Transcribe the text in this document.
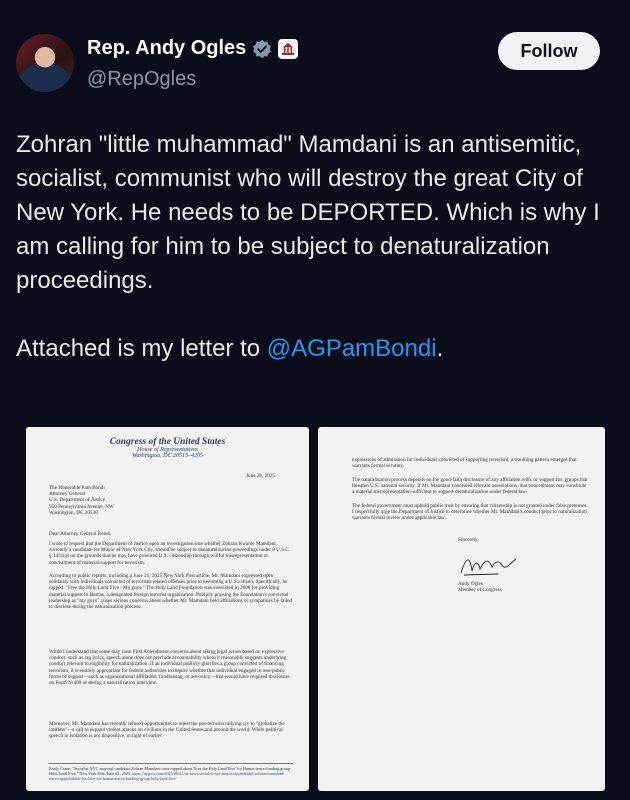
Rep. Andy Ogles
@RepOgles
Follow
Zohran "little muhammad" Mamdani is an antisemitic, socialist, communist who will destroy the great City of New York. He needs to be DEPORTED. Which is why I am calling for him to be subject to denaturalization proceedings.
Attached is my letter to @AGPamBondi.
Congress of the United States
House of Representatives
Washington, DC 20515–4205
June 26, 2025
The Honorable Pam Bondi
Attorney General
U.S. Department of Justice
950 Pennsylvania Avenue, NW
Washington, DC 20530
Dear Attorney General Bondi,
I write to request that the Department of Justice open an investigation into whether Zohran Kwame Mamdani, currently a candidate for Mayor of New York City, should be subject to denaturalization proceedings under 8 U.S.C. § 1451(a) on the grounds that he may have procured U.S. citizenship through willful misrepresentation or concealment of material support for terrorism.
According to public reports, including a June 21, 2025 New York Post article, Mr. Mamdani expressed open solidarity with individuals convicted of terrorism-related offenses prior to becoming a U.S. citizen. Specifically, he rapped: "Free the Holy Land Five / My guys." The Holy Land Foundation was convicted in 2008 for providing material support to Hamas, a designated foreign terrorist organization. Publicly praising the Foundation's convicted leadership as "my guys" raises serious concerns about whether Mr. Mamdani held affiliations or sympathies he failed to disclose during the naturalization process.
While I understand that some may raise First Amendment concerns about taking legal action based on expressive conduct, such as rap lyrics, speech alone does not preclude accountability where it reasonably suggests underlying conduct relevant to eligibility for naturalization. If an individual publicly glorifies a group convicted of financing terrorism, it is entirely appropriate for federal authorities to inquire whether that individual engaged in non-public forms of support—such as organizational affiliation, fundraising, or advocacy—that would have required disclosure on Form N-400 or during a naturalization interview.
Moreover, Mr. Mamdani has recently refused opportunities to reject the pro-terrorist rallying cry to "globalize the intifada"—a call to expand violent attacks on civilians in the United States and around the world. While political speech in isolation is not dispositive, in light of earlier
Emily Crane, "Socialist NYC mayoral candidate Zohran Mamdani once rapped about 'Free the Holy Land Five' for Hamas terror-funding group Holy Land Five," New York Post, June 21, 2025. https://nypost.com/2025/06/21/us-news/socialist-nyc-mayoral-candidate-zohran-mamdani-once-rapped-about-his-love-for-hamas-terror-funding-group-holy-land-five/
expressions of admiration for individuals convicted of supporting terrorism, a troubling pattern emerges that warrants formal scrutiny.
The naturalization process depends on the good-faith disclosure of any affiliation with, or support for, groups that threaten U.S. national security. If Mr. Mamdani concealed relevant associations, that concealment may constitute a material misrepresentation sufficient to support denaturalization under federal law.
The federal government must uphold public trust by ensuring that citizenship is not granted under false pretenses. I respectfully urge the Department of Justice to determine whether Mr. Mamdani's conduct prior to naturalization warrants formal review under applicable law.
Sincerely,
Andy Ogles
Member of Congress
